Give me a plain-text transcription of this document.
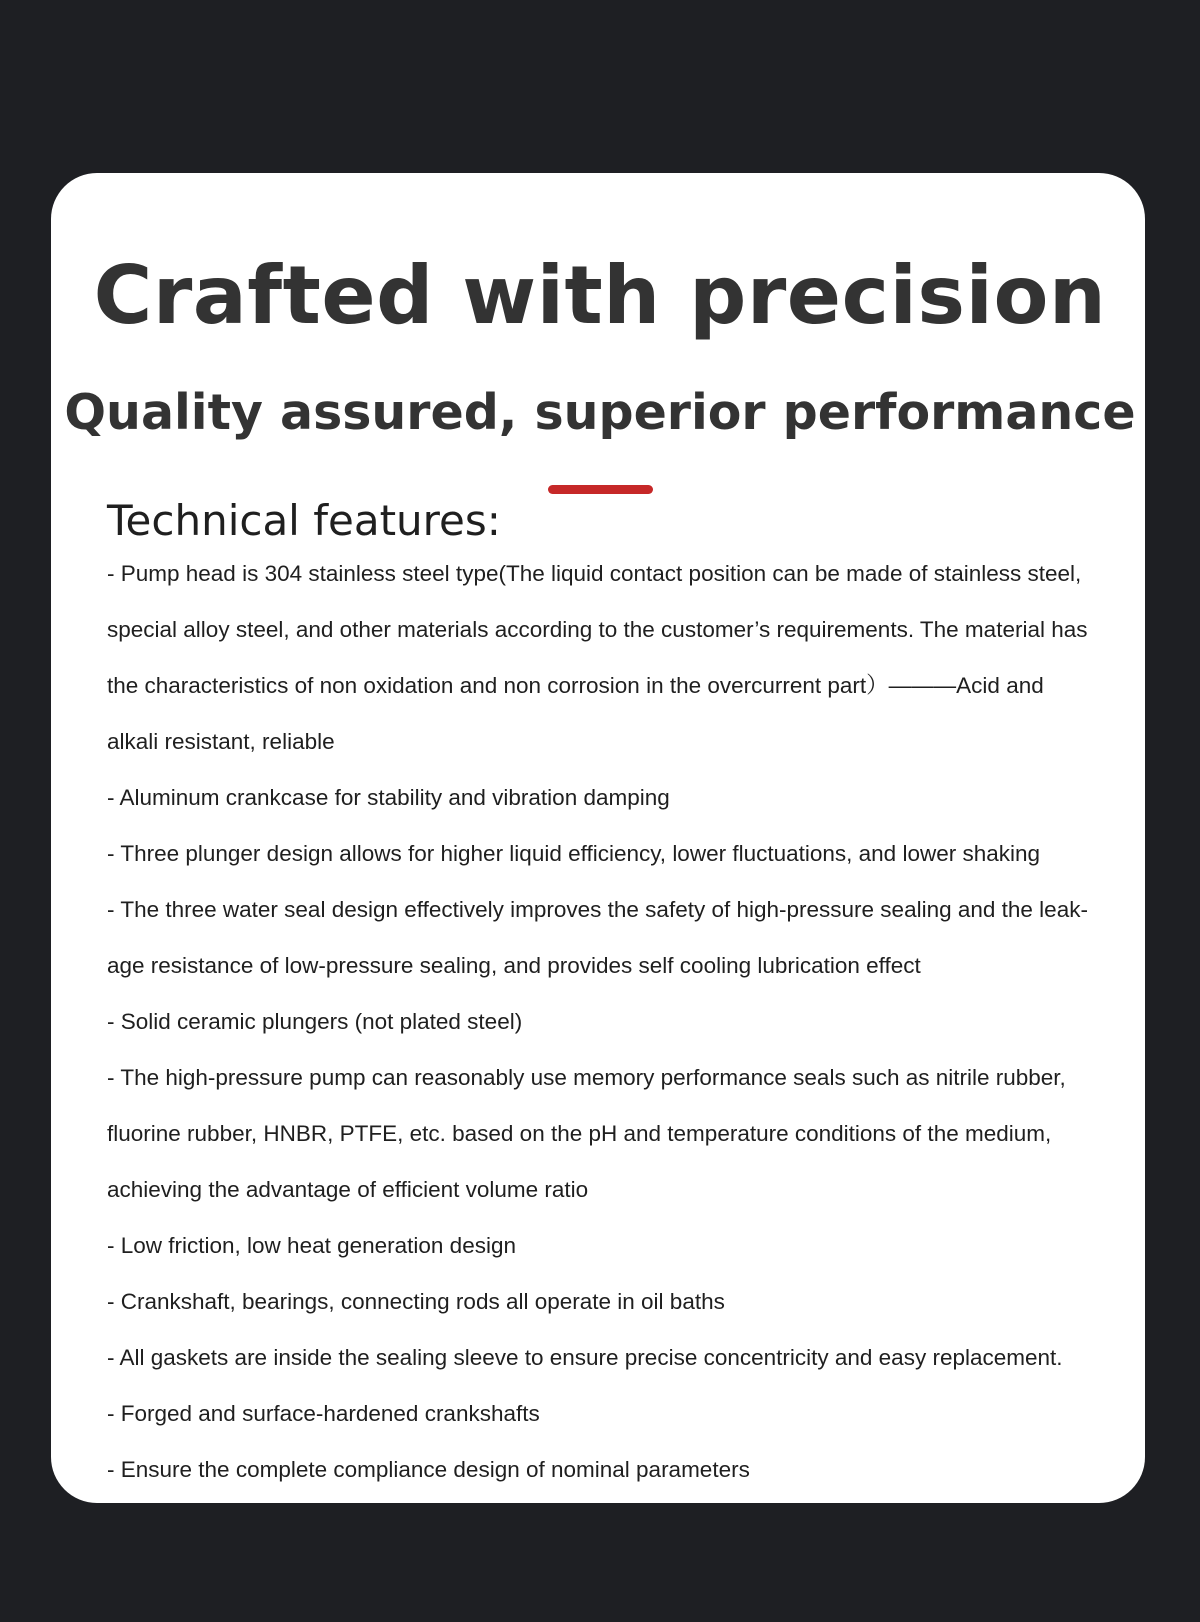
Crafted with precision
Quality assured, superior performance
Technical features:
- Pump head is 304 stainless steel type(The liquid contact position can be made of stainless steel,
special alloy steel, and other materials according to the customer’s requirements. The material has
the characteristics of non oxidation and non corrosion in the overcurrent part）———Acid and
alkali resistant, reliable
- Aluminum crankcase for stability and vibration damping
- Three plunger design allows for higher liquid efficiency, lower fluctuations, and lower shaking
- The three water seal design effectively improves the safety of high-pressure sealing and the leak-
age resistance of low-pressure sealing, and provides self cooling lubrication effect
- Solid ceramic plungers (not plated steel)
- The high-pressure pump can reasonably use memory performance seals such as nitrile rubber,
fluorine rubber, HNBR, PTFE, etc. based on the pH and temperature conditions of the medium,
achieving the advantage of efficient volume ratio
- Low friction, low heat generation design
- Crankshaft, bearings, connecting rods all operate in oil baths
- All gaskets are inside the sealing sleeve to ensure precise concentricity and easy replacement.
- Forged and surface-hardened crankshafts
- Ensure the complete compliance design of nominal parameters
